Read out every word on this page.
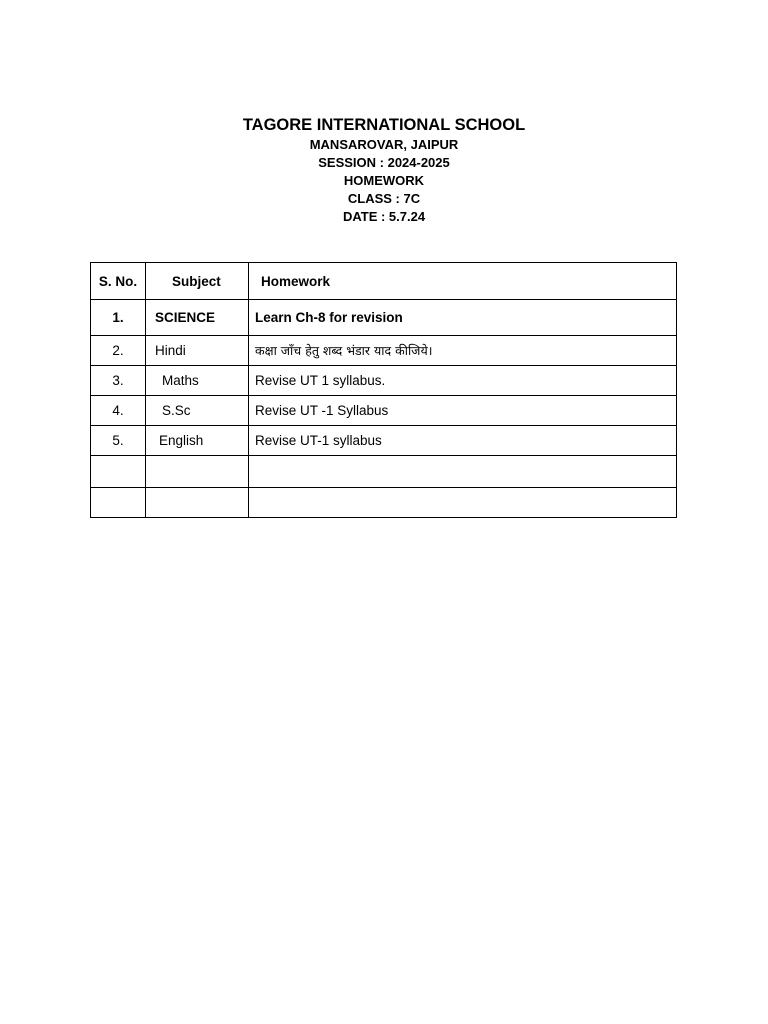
TAGORE INTERNATIONAL SCHOOL

MANSAROVAR, JAIPUR

SESSION : 2024-2025

HOMEWORK

CLASS : 7C

DATE : 5.7.24

S. No.	Subject	Homework
1.	SCIENCE	Learn Ch-8 for revision
2.	Hindi	कक्षा जॉंच हेतु शब्द भंडार याद कीजिये।
3.	Maths	Revise UT 1 syllabus.
4.	S.Sc	Revise UT -1 Syllabus
5.	English	Revise UT-1 syllabus
